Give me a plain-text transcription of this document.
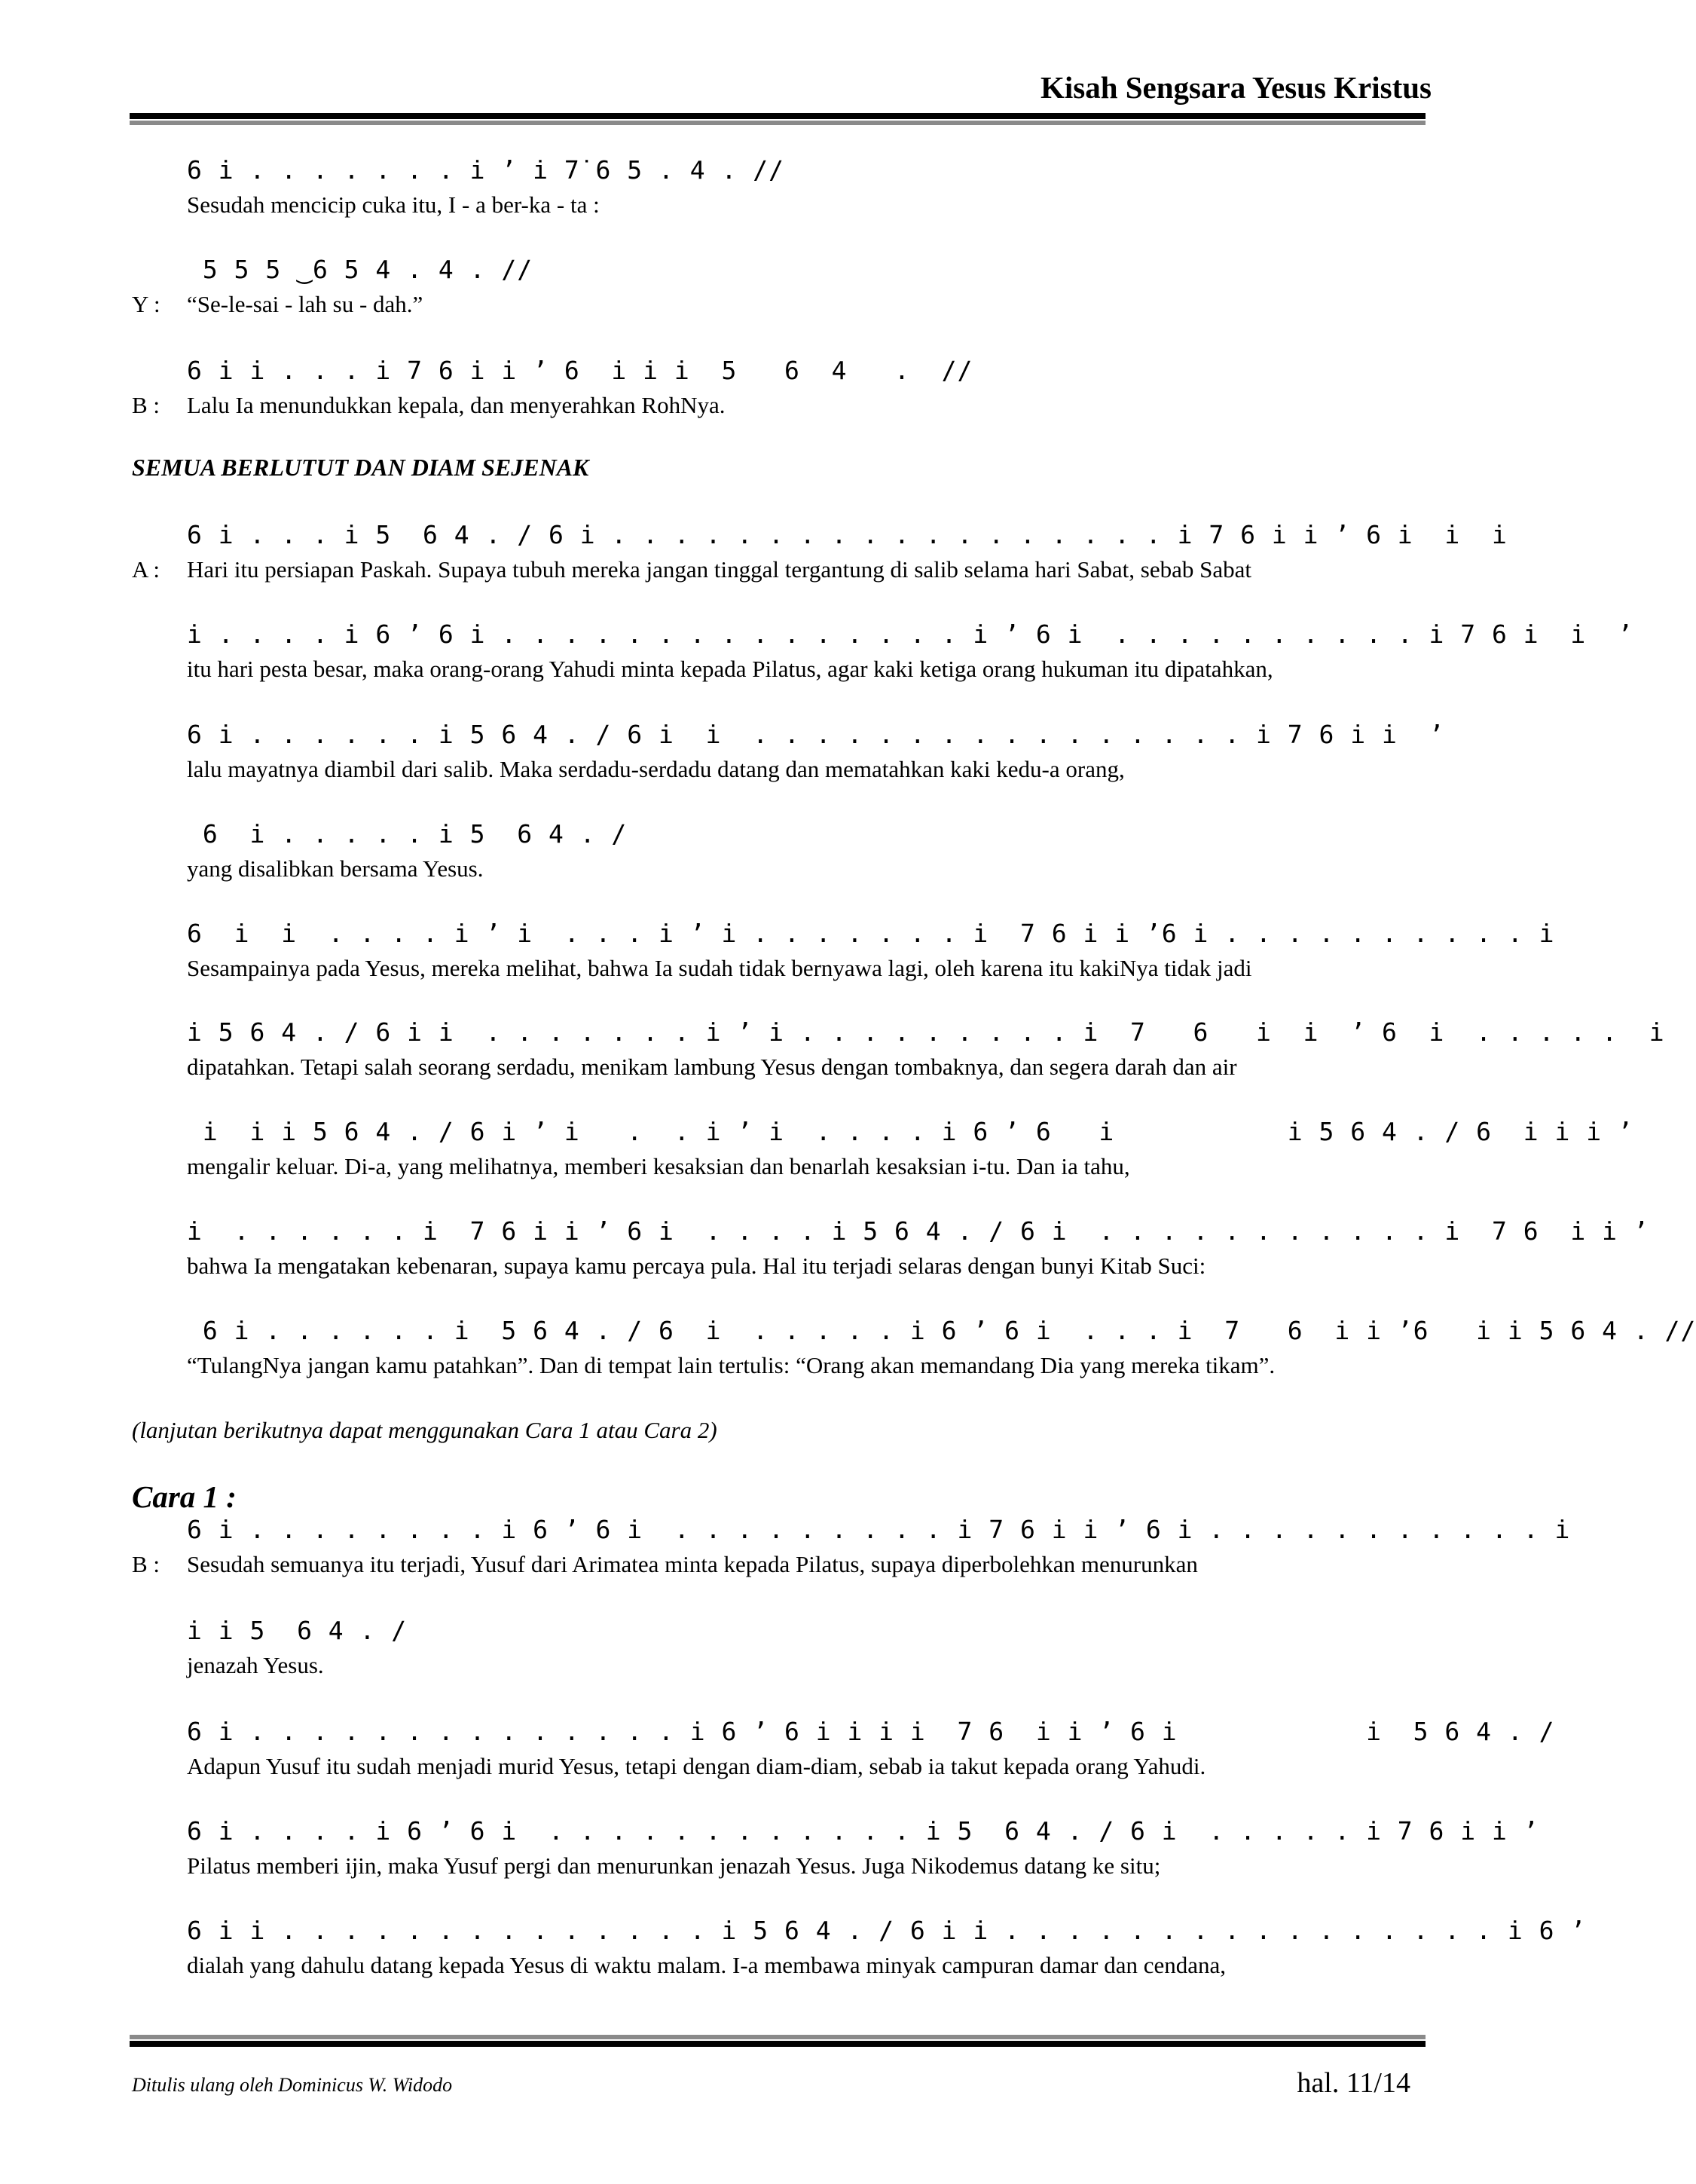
Kisah Sengsara Yesus Kristus
6 i̇ . . . . . . . i̇ ’ i̇ 7̇ 6 5 . 4 . //
Sesudah mencicip cuka itu, I - a ber-ka - ta :
5 5 5 ‿6 5 4 . 4 . //
Y : “Se-le-sai - lah su - dah.”
6 i̇ i̇ . . . i̇ 7 6 i̇ i̇ ’ 6  i̇ i̇ i̇  5   6  4   .  //
B : Lalu Ia menundukkan kepala, dan menyerahkan RohNya.
SEMUA BERLUTUT DAN DIAM SEJENAK
6 i̇ . . . i̇ 5  6 4 . / 6 i̇ . . . . . . . . . . . . . . . . . . i̇ 7 6 i̇ i̇ ’ 6 i̇  i̇  i̇
A : Hari itu persiapan Paskah. Supaya tubuh mereka jangan tinggal tergantung di salib selama hari Sabat, sebab Sabat
i̇ . . . . i̇ 6 ’ 6 i̇ . . . . . . . . . . . . . . . i̇ ’ 6 i̇  . . . . . . . . . . i̇ 7 6 i̇  i̇  ’
itu hari pesta besar, maka orang-orang Yahudi minta kepada Pilatus, agar kaki ketiga orang hukuman itu dipatahkan,
6 i̇ . . . . . . i̇ 5 6 4 . / 6 i̇  i̇  . . . . . . . . . . . . . . . . i̇ 7 6 i̇ i̇  ’
lalu mayatnya diambil dari salib. Maka serdadu-serdadu datang dan mematahkan kaki kedu-a orang,
6  i̇ . . . . . i̇ 5  6 4 . /
yang disalibkan bersama Yesus.
6  i̇  i̇  . . . . i̇ ’ i̇  . . . i̇ ’ i̇ . . . . . . . i̇  7 6 i̇ i̇ ’6 i̇ . . . . . . . . . . i̇
Sesampainya pada Yesus, mereka melihat, bahwa Ia sudah tidak bernyawa lagi, oleh karena itu kakiNya tidak jadi
i̇ 5 6 4 . / 6 i̇ i̇  . . . . . . . i̇ ’ i̇ . . . . . . . . . i̇  7   6   i̇  i̇  ’ 6  i̇  . . . . .  i̇
dipatahkan. Tetapi salah seorang serdadu, menikam lambung Yesus dengan tombaknya, dan segera darah dan air
i̇  i̇ i̇ 5 6 4 . / 6 i̇ ’ i̇   .  . i̇ ’ i̇  . . . . i̇ 6 ’ 6   i̇           i̇ 5 6 4 . / 6  i̇ i̇ i̇ ’
mengalir keluar. Di-a, yang melihatnya, memberi kesaksian dan benarlah kesaksian i-tu. Dan ia tahu,
i̇  . . . . . . i̇  7 6 i̇ i̇ ’ 6 i̇  . . . . i̇ 5 6 4 . / 6 i̇  . . . . . . . . . . . i̇  7 6  i̇ i̇ ’
bahwa Ia mengatakan kebenaran, supaya kamu percaya pula. Hal itu terjadi selaras dengan bunyi Kitab Suci:
6 i̇ . . . . . . i̇  5 6 4 . / 6  i̇  . . . . . i̇ 6 ’ 6 i̇  . . . i̇  7   6  i̇ i̇ ’6   i̇ i̇ 5 6 4 . //
“TulangNya jangan kamu patahkan”. Dan di tempat lain tertulis: “Orang akan memandang Dia yang mereka tikam”.
(lanjutan berikutnya dapat menggunakan Cara 1 atau Cara 2)
Cara 1 :
6 i̇ . . . . . . . . i̇ 6 ’ 6 i̇  . . . . . . . . . i̇ 7 6 i̇ i̇ ’ 6 i̇ . . . . . . . . . . . i̇
B : Sesudah semuanya itu terjadi, Yusuf dari Arimatea minta kepada Pilatus, supaya diperbolehkan menurunkan
i̇ i̇ 5  6 4 . /
jenazah Yesus.
6 i̇ . . . . . . . . . . . . . . i̇ 6 ’ 6 i̇ i̇ i̇ i̇  7 6  i̇ i̇ ’ 6 i̇            i̇  5 6 4 . /
Adapun Yusuf itu sudah menjadi murid Yesus, tetapi dengan diam-diam, sebab ia takut kepada orang Yahudi.
6 i̇ . . . . i̇ 6 ’ 6 i̇  . . . . . . . . . . . . i̇ 5  6 4 . / 6 i̇  . . . . . i̇ 7 6 i̇ i̇ ’
Pilatus memberi ijin, maka Yusuf pergi dan menurunkan jenazah Yesus. Juga Nikodemus datang ke situ;
6 i̇ i̇ . . . . . . . . . . . . . . i̇ 5 6 4 . / 6 i̇ i̇ . . . . . . . . . . . . . . . . i̇ 6 ’
dialah yang dahulu datang kepada Yesus di waktu malam. I-a membawa minyak campuran damar dan cendana,
Ditulis ulang oleh Dominicus W. Widodo	hal. 11/14
